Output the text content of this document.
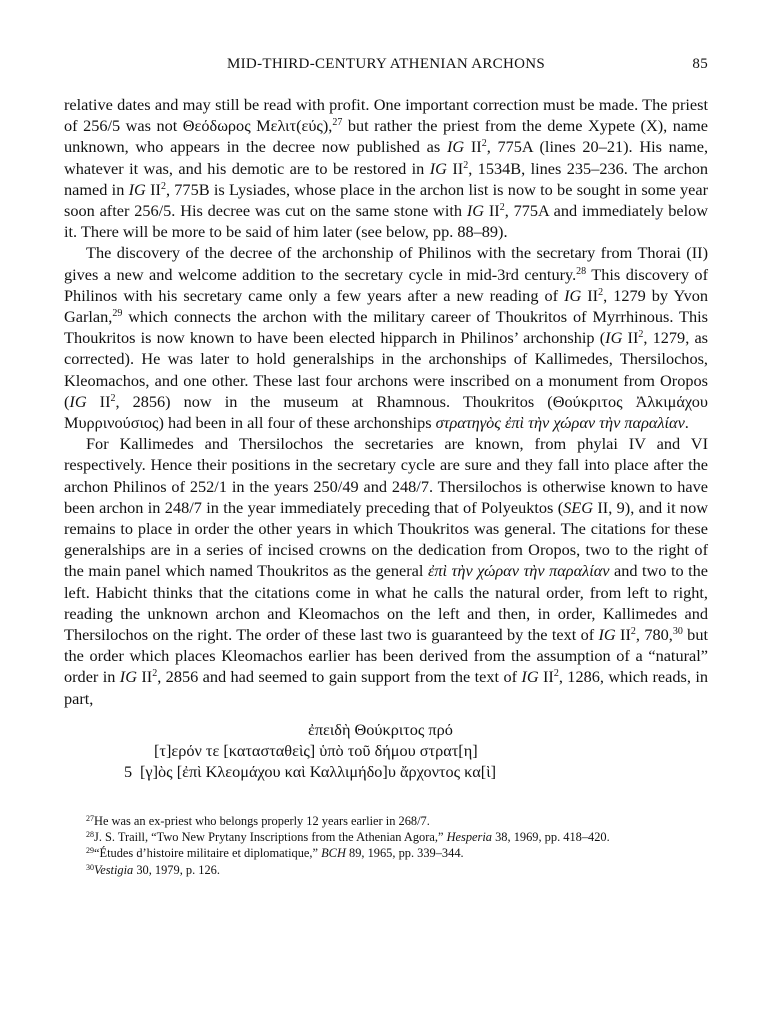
MID-THIRD-CENTURY ATHENIAN ARCHONS	85

relative dates and may still be read with profit. One important correction must be made. The priest of 256/5 was not Θεόδωρος Μελιτ(εύς),$^{27}$ but rather the priest from the deme Xypete (X), name unknown, who appears in the decree now published as IG $II^2$, 775A (lines 20–21). His name, whatever it was, and his demotic are to be restored in IG $II^2$, 1534B, lines 235–236. The archon named in IG $II^2$, 775B is Lysiades, whose place in the archon list is now to be sought in some year soon after 256/5. His decree was cut on the same stone with IG $II^2$, 775A and immediately below it. There will be more to be said of him later (see below, pp. 88–89).

The discovery of the decree of the archonship of Philinos with the secretary from Thorai (II) gives a new and welcome addition to the secretary cycle in mid-3rd century.$^{28}$ This discovery of Philinos with his secretary came only a few years after a new reading of IG $II^2$, 1279 by Yvon Garlan,$^{29}$ which connects the archon with the military career of Thoukritos of Myrrhinous. This Thoukritos is now known to have been elected hipparch in Philinos’ archonship (IG $II^2$, 1279, as corrected). He was later to hold generalships in the archonships of Kallimedes, Thersilochos, Kleomachos, and one other. These last four archons were inscribed on a monument from Oropos (IG $II^2$, 2856) now in the museum at Rhamnous. Thoukritos (Θούκριτος Ἀλκιμάχου Μυρρινούσιος) had been in all four of these archonships στρατηγὸς ἐπὶ τὴν χώραν τὴν παραλίαν.

For Kallimedes and Thersilochos the secretaries are known, from phylai IV and VI respectively. Hence their positions in the secretary cycle are sure and they fall into place after the archon Philinos of 252/1 in the years 250/49 and 248/7. Thersilochos is otherwise known to have been archon in 248/7 in the year immediately preceding that of Polyeuktos (SEG II, 9), and it now remains to place in order the other years in which Thoukritos was general. The citations for these generalships are in a series of incised crowns on the dedication from Oropos, two to the right of the main panel which named Thoukritos as the general ἐπὶ τὴν χώραν τὴν παραλίαν and two to the left. Habicht thinks that the citations come in what he calls the natural order, from left to right, reading the unknown archon and Kleomachos on the left and then, in order, Kallimedes and Thersilochos on the right. The order of these last two is guaranteed by the text of IG $II^2$, 780,30 but the order which places Kleomachos earlier has been derived from the assumption of a “natural” order in IG $II^2$, 2856 and had seemed to gain support from the text of IG $II^2$, 1286, which reads, in part,

ἐπειδὴ Θούκριτος πρό
[τ]ερόν τε [κατασταθεὶς] ὑπὸ τοῦ δήμου στρατ[η]
5 [γ]ὸς [ἐπὶ Κλεομάχου καὶ Καλλιμήδο]υ ἄρχοντος κα[ὶ]

$^{27}$He was an ex-priest who belongs properly 12 years earlier in 268/7.

$^{28}$J. S. Traill, “Two New Prytany Inscriptions from the Athenian Agora,” Hesperia 38, 1969, pp. 418–420.

$^{29}$“Études d’histoire militaire et diplomatique,” BCH 89, 1965, pp. 339–344.

$^{30}$Vestigia 30, 1979, p. 126.
